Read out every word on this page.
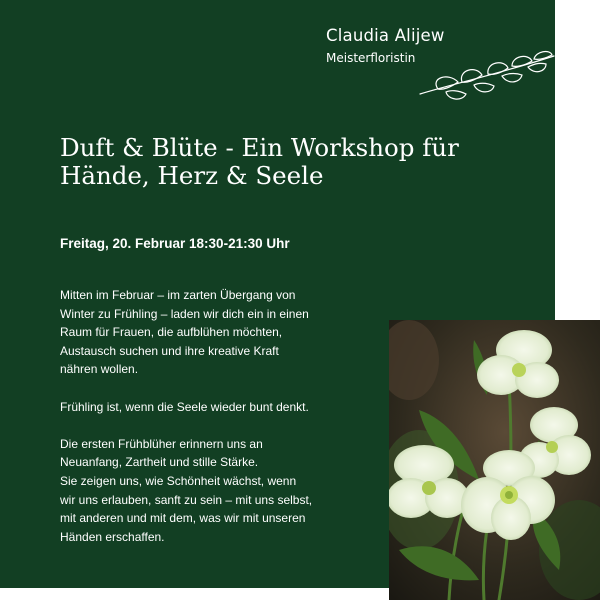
Claudia Alijew
Meisterfloristin
Duft & Blüte - Ein Workshop für
Hände, Herz & Seele
Freitag, 20. Februar 18:30-21:30 Uhr

Mitten im Februar – im zarten Übergang von
Winter zu Frühling – laden wir dich ein in einen
Raum für Frauen, die aufblühen möchten,
Austausch suchen und ihre kreative Kraft
nähren wollen.

Frühling ist, wenn die Seele wieder bunt denkt.

Die ersten Frühblüher erinnern uns an
Neuanfang, Zartheit und stille Stärke.
Sie zeigen uns, wie Schönheit wächst, wenn
wir uns erlauben, sanft zu sein – mit uns selbst,
mit anderen und mit dem, was wir mit unseren
Händen erschaffen.
